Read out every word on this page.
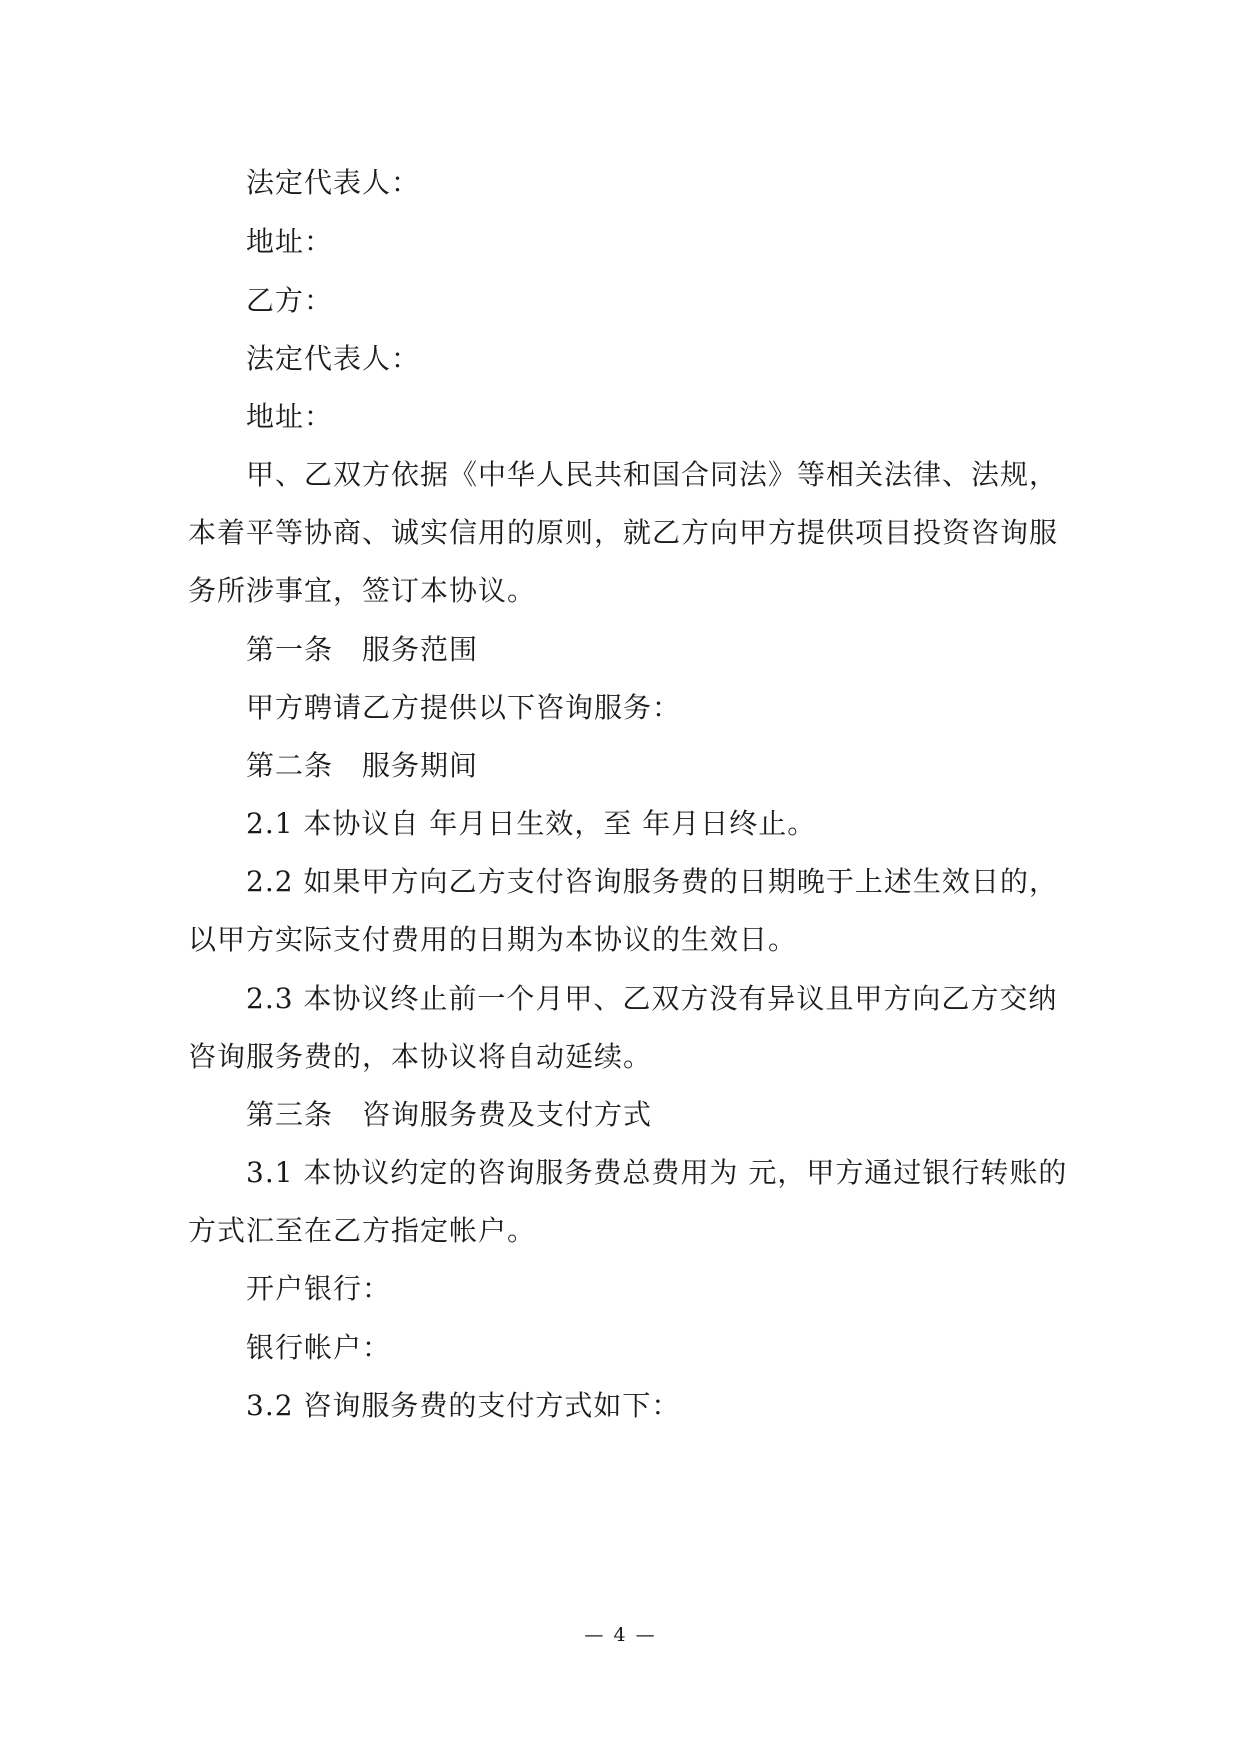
法定代表人：
地址：
乙方：
法定代表人：
地址：
甲、乙双方依据《中华人民共和国合同法》等相关法律、法规，
本着平等协商、诚实信用的原则，就乙方向甲方提供项目投资咨询服
务所涉事宜，签订本协议。
第一条　服务范围
甲方聘请乙方提供以下咨询服务：
第二条　服务期间
2.1 本协议自 年月日生效，至 年月日终止。
2.2 如果甲方向乙方支付咨询服务费的日期晚于上述生效日的，
以甲方实际支付费用的日期为本协议的生效日。
2.3 本协议终止前一个月甲、乙双方没有异议且甲方向乙方交纳
咨询服务费的，本协议将自动延续。
第三条　咨询服务费及支付方式
3.1 本协议约定的咨询服务费总费用为 元，甲方通过银行转账的
方式汇至在乙方指定帐户。
开户银行：
银行帐户：
3.2 咨询服务费的支付方式如下：
— 4 —
